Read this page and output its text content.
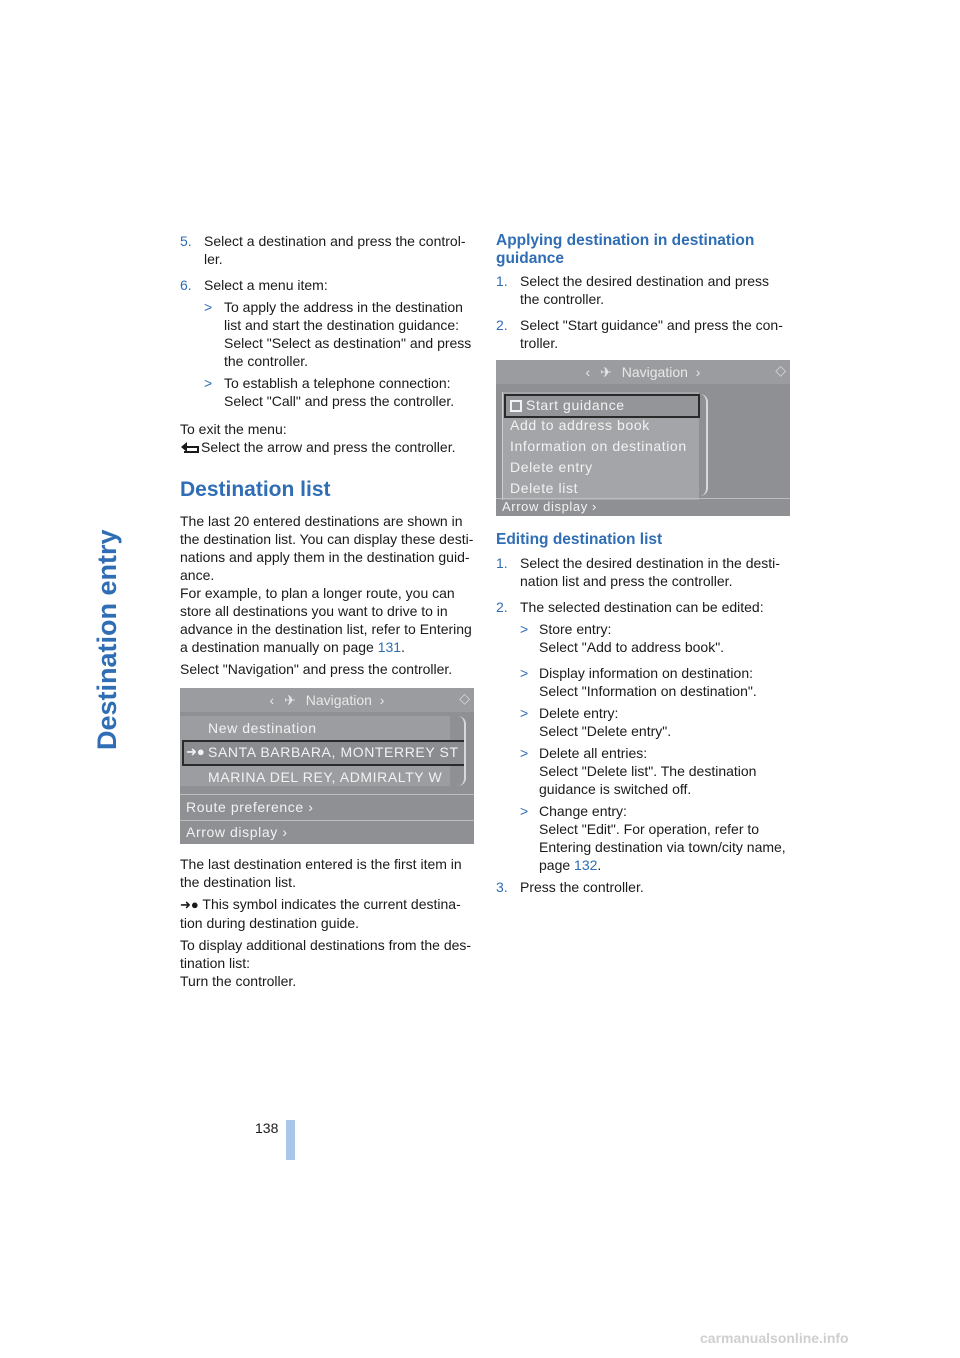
Destination entry
5. Select a destination and press the control-
ler.
6. Select a menu item:
> To apply the address in the destination
list and start the destination guidance:
Select "Select as destination" and press
the controller.
> To establish a telephone connection:
Select "Call" and press the controller.
To exit the menu:
Select the arrow and press the controller.
Destination list
The last 20 entered destinations are shown in
the destination list. You can display these desti-
nations and apply them in the destination guid-
ance.
For example, to plan a longer route, you can
store all destinations you want to drive to in
advance in the destination list, refer to Entering
a destination manually on page 131.
Select "Navigation" and press the controller.
‹ ✈ Navigation ›	◇
New destination
➜● SANTA BARBARA, MONTERREY ST
MARINA DEL REY, ADMIRALTY W
Route preference ›
Arrow display ›
The last destination entered is the first item in
the destination list.
➜● This symbol indicates the current destina-
tion during destination guide.
To display additional destinations from the des-
tination list:
Turn the controller.
Applying destination in destination
guidance
1. Select the desired destination and press
the controller.
2. Select "Start guidance" and press the con-
troller.
‹ ✈ Navigation ›	◇
Start guidance
Add to address book
Information on destination
Delete entry
Delete list
Arrow display ›
Editing destination list
1. Select the desired destination in the desti-
nation list and press the controller.
2. The selected destination can be edited:
> Store entry:
Select "Add to address book".
> Display information on destination:
Select "Information on destination".
> Delete entry:
Select "Delete entry".
> Delete all entries:
Select "Delete list". The destination
guidance is switched off.
> Change entry:
Select "Edit". For operation, refer to
Entering destination via town/city name,
page 132.
3. Press the controller.
138
carmanualsonline.info
